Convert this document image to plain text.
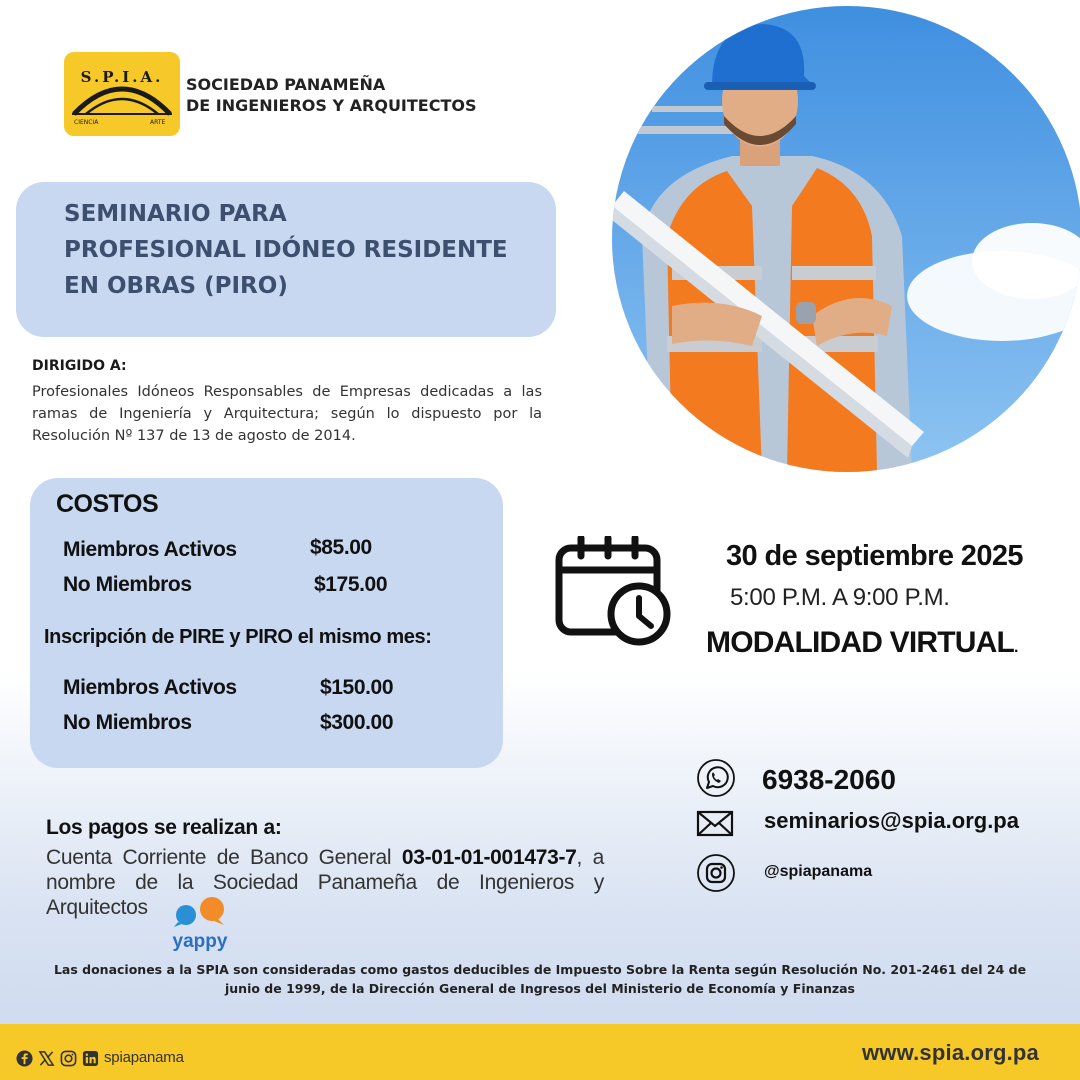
S.P.I.A.
CIENCIA	ARTE
SOCIEDAD PANAMEÑA
DE INGENIEROS Y ARQUITECTOS
SEMINARIO PARA
PROFESIONAL IDÓNEO RESIDENTE
EN OBRAS (PIRO)
DIRIGIDO A:
Profesionales Idóneos Responsables de Empresas dedicadas a las ramas de Ingeniería y Arquitectura; según lo dispuesto por la Resolución Nº 137 de 13 de agosto de 2014.
COSTOS
Miembros Activos	$85.00
No Miembros	$175.00
Inscripción de PIRE y PIRO el mismo mes:
Miembros Activos	$150.00
No Miembros	$300.00
30 de septiembre 2025
5:00 P.M. A 9:00 P.M.
MODALIDAD VIRTUAL.
6938-2060
seminarios@spia.org.pa
@spiapanama
Los pagos se realizan a:
Cuenta Corriente de Banco General 03-01-01-001473-7, a nombre de la Sociedad Panameña de Ingenieros y Arquitectos
yappy
Las donaciones a la SPIA son consideradas como gastos deducibles de Impuesto Sobre la Renta según Resolución No. 201-2461 del 24 de
junio de 1999, de la Dirección General de Ingresos del Ministerio de Economía y Finanzas
spiapanama	www.spia.org.pa
